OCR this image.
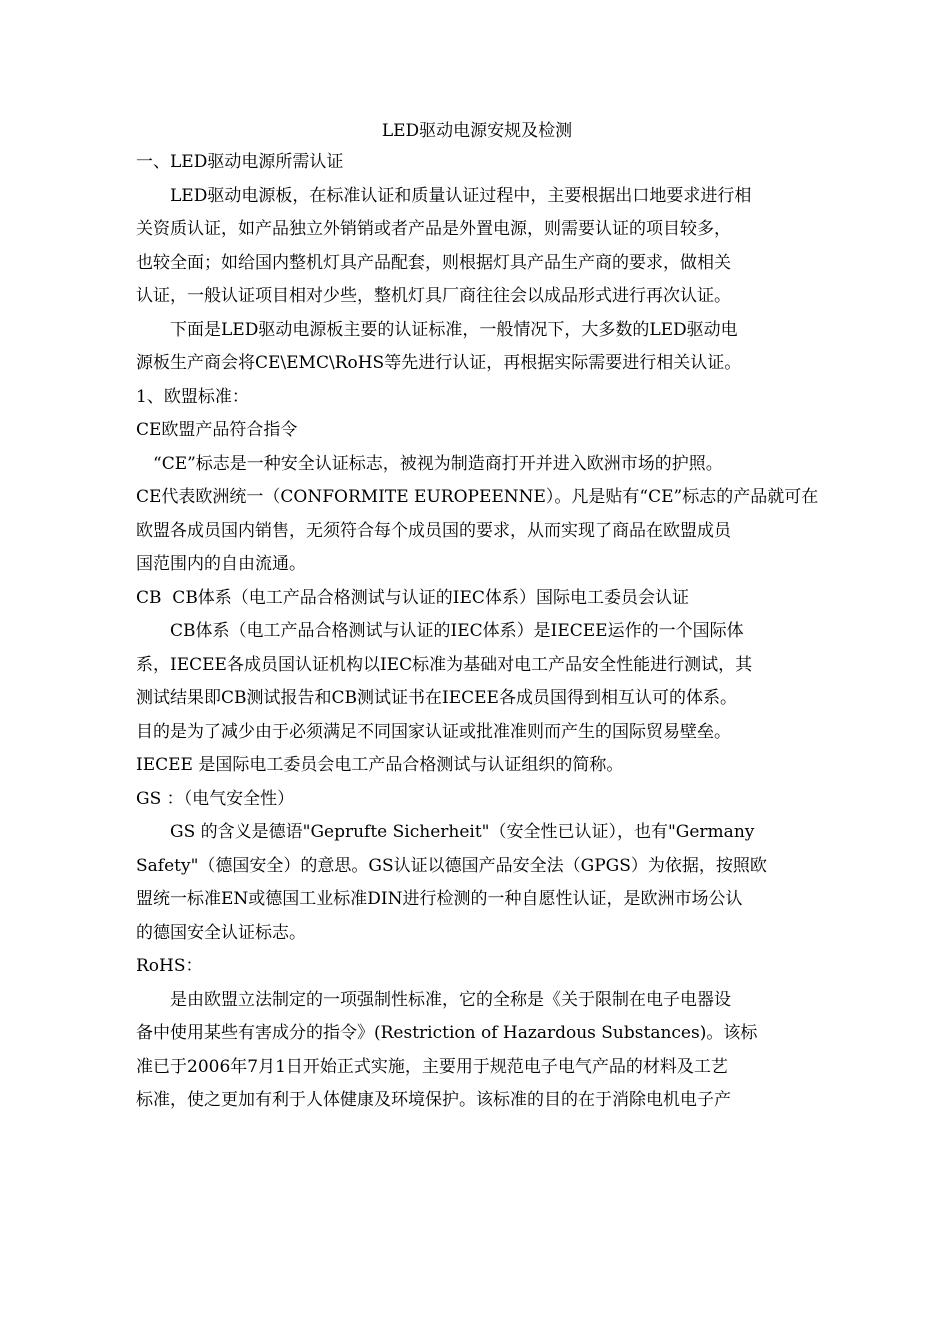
LED驱动电源安规及检测

一、LED驱动电源所需认证

LED驱动电源板，在标准认证和质量认证过程中，主要根据出口地要求进行相
关资质认证，如产品独立外销销或者产品是外置电源，则需要认证的项目较多，
也较全面；如给国内整机灯具产品配套，则根据灯具产品生产商的要求，做相关
认证，一般认证项目相对少些，整机灯具厂商往往会以成品形式进行再次认证。

下面是LED驱动电源板主要的认证标准，一般情况下，大多数的LED驱动电
源板生产商会将CE\EMC\RoHS等先进行认证，再根据实际需要进行相关认证。

1、欧盟标准：

CE欧盟产品符合指令

“CE”标志是一种安全认证标志，被视为制造商打开并进入欧洲市场的护照。
CE代表欧洲统一（CONFORMITE EUROPEENNE）。凡是贴有“CE”标志的产品就可在
欧盟各成员国内销售，无须符合每个成员国的要求，从而实现了商品在欧盟成员
国范围内的自由流通。

CB  CB体系（电工产品合格测试与认证的IEC体系）国际电工委员会认证

CB体系（电工产品合格测试与认证的IEC体系）是IECEE运作的一个国际体
系，IECEE各成员国认证机构以IEC标准为基础对电工产品安全性能进行测试，其
测试结果即CB测试报告和CB测试证书在IECEE各成员国得到相互认可的体系。
目的是为了减少由于必须满足不同国家认证或批准准则而产生的国际贸易壁垒。
IECEE 是国际电工委员会电工产品合格测试与认证组织的简称。

GS ：（电气安全性）

GS 的含义是德语"Geprufte Sicherheit"（安全性已认证），也有"Germany
Safety"（德国安全）的意思。GS认证以德国产品安全法（GPGS）为依据，按照欧
盟统一标准EN或德国工业标准DIN进行检测的一种自愿性认证，是欧洲市场公认
的德国安全认证标志。

RoHS：

是由欧盟立法制定的一项强制性标准，它的全称是《关于限制在电子电器设
备中使用某些有害成分的指令》(Restriction of Hazardous Substances)。该标
准已于2006年7月1日开始正式实施，主要用于规范电子电气产品的材料及工艺
标准，使之更加有利于人体健康及环境保护。该标准的目的在于消除电机电子产
